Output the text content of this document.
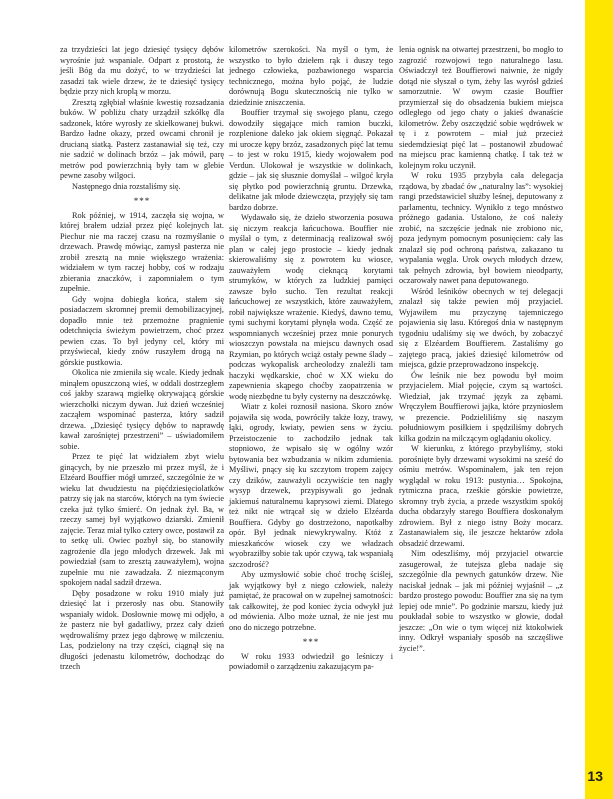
za trzydzieści lat jego dziesięć tysięcy dębów wyrośnie już wspaniale. Odpart z prostotą, że jeśli Bóg da mu dożyć, to w trzydzieści lat zasadzi tak wiele drzew, że te dziesięć tysięcy będzie przy nich kroplą w morzu.

Zresztą zgłębiał właśnie kwestię rozsadzania buków. W pobliżu chaty urządził szkółkę dla sadzonek, które wyrosły ze skiełkowanej bukwi. Bardzo ładne okazy, przed owcami chronił je drucianą siatką. Pasterz zastanawiał się też, czy nie sadzić w dolinach brzóz – jak mówił, parę metrów pod powierzchnią były tam w glebie pewne zasoby wilgoci.

Następnego dnia rozstaliśmy się.

***

Rok później, w 1914, zaczęła się wojna, w której brałem udział przez pięć kolejnych lat. Piechur nie ma raczej czasu na rozmyślanie o drzewach. Prawdę mówiąc, zamysł pasterza nie zrobił zresztą na mnie większego wrażenia: widziałem w tym raczej hobby, coś w rodzaju zbierania znaczków, i zapomniałem o tym zupełnie.

Gdy wojna dobiegła końca, stałem się posiadaczem skromnej premii demobilizacyjnej, dopadło mnie też przemożne pragnienie odetchnięcia świeżym powietrzem, choć przez pewien czas. To był jedyny cel, który mi przyświecał, kiedy znów ruszyłem drogą na górskie pustkowia.

Okolica nie zmieniła się wcale. Kiedy jednak minąłem opuszczoną wieś, w oddali dostrzegłem coś jakby szarawą mgiełkę okrywającą górskie wierzchołki niczym dywan. Już dzień wcześniej zacząłem wspominać pasterza, który sadził drzewa. „Dziesięć tysięcy dębów to naprawdę kawał zarośniętej przestrzeni” – uświadomiłem sobie.

Przez te pięć lat widziałem zbyt wielu ginących, by nie przeszło mi przez myśl, że i Elzéard Bouffier mógł umrzeć, szczególnie że w wieku lat dwudziestu na pięćdziesięciolatków patrzy się jak na starców, których na tym świecie czeka już tylko śmierć. On jednak żył. Ba, w rzeczy samej był wyjątkowo dziarski. Zmienił zajęcie. Teraz miał tylko cztery owce, postawił za to setkę uli. Owiec pozbył się, bo stanowiły zagrożenie dla jego młodych drzewek. Jak mi powiedział (sam to zresztą zauważyłem), wojna zupełnie mu nie zawadzała. Z niezmąconym spokojem nadal sadził drzewa.

Dęby posadzone w roku 1910 miały już dziesięć lat i przerosły nas obu. Stanowiły wspaniały widok. Dosłownie mowę mi odjęło, a że pasterz nie był gadatliwy, przez cały dzień wędrowaliśmy przez jego dąbrowę w milczeniu. Las, podzielony na trzy części, ciągnął się na długości jedenastu kilometrów, dochodząc do trzech

kilometrów szerokości. Na myśl o tym, że wszystko to było dziełem rąk i duszy tego jednego człowieka, pozbawionego wsparcia technicznego, można było pojąć, że ludzie dorównują Bogu skutecznością nie tylko w dziedzinie zniszczenia.

Bouffier trzymał się swojego planu, czego dowodziły sięgające mich ramion buczki, rozplenione daleko jak okiem sięgnąć. Pokazał mi urocze kępy brzóz, zasadzonych pięć lat temu – to jest w roku 1915, kiedy wojowałem pod Verdun. Ulokował je wszystkie w dolinkach, gdzie – jak się słusznie domyślał – wilgoć kryła się płytko pod powierzchnią gruntu. Drzewka, delikatne jak młode dziewczęta, przyjęły się tam bardzo dobrze.

Wydawało się, że dzieło stworzenia posuwa się niczym reakcja łańcuchowa. Bouffier nie myślał o tym, z determinacją realizował swój plan w całej jego prostocie – kiedy jednak skierowaliśmy się z powrotem ku wiosce, zauważyłem wodę cieknącą korytami strumyków, w których za ludzkiej pamięci zawsze było sucho. Ten rezultat reakcji łańcuchowej ze wszystkich, które zauważyłem, robił największe wrażenie. Kiedyś, dawno temu, tymi suchymi korytami płynęła woda. Część ze wspomnianych wcześniej przez mnie ponurych wioszczyn powstała na miejscu dawnych osad Rzymian, po których wciąż ostały pewne ślady – podczas wykopalisk archeolodzy znaleźli tam haczyki wędkarskie, choć w XX wieku do zapewnienia skąpego choćby zaopatrzenia w wodę niezbędne tu były cysterny na deszczówkę.

Wiatr z kolei roznosił nasiona. Skoro znów pojawiła się woda, powróciły także łozy, trawy, łąki, ogrody, kwiaty, pewien sens w życiu. Przeistoczenie to zachodziło jednak tak stopniowo, że wpisało się w ogólny wzór bytowania bez wzbudzania w nikim zdumienia. Myśliwi, pnący się ku szczytom tropem zajęcy czy dzików, zauważyli oczywiście ten nagły wysyp drzewek, przypisywali go jednak jakiemuś naturalnemu kaprysowi ziemi. Dlatego też nikt nie wtrącał się w dzieło Elzéarda Bouffiera. Gdyby go dostrzeżono, napotkałby opór. Był jednak niewykrywalny. Któż z mieszkańców wiosek czy we władzach wyobraziłby sobie tak upór czywą, tak wspaniałą szczodrość?

Aby uzmysłowić sobie choć trochę ściślej, jak wyjątkowy był z niego człowiek, należy pamiętać, że pracował on w zupełnej samotności: tak całkowitej, że pod koniec życia odwykł już od mówienia. Albo może uznał, że nie jest mu ono do niczego potrzebne.

***

W roku 1933 odwiedził go leśniczy i powiadomił o zarządzeniu zakazującym pa-

lenia ognisk na otwartej przestrzeni, bo mogło to zagrozić rozwojowi tego naturalnego lasu. Oświadczył też Bouffierowi naiwnie, że nigdy dotąd nie słyszał o tym, żeby las wyrósł gdzieś samorzutnie. W owym czasie Bouffier przymierzał się do obsadzenia bukiem miejsca odległego od jego chaty o jakieś dwanaście kilometrów. Żeby oszczędzić sobie wędrówek w tę i z powrotem – miał już przecież siedemdziesiąt pięć lat – postanowił zbudować na miejscu prac kamienną chatkę. I tak też w kolejnym roku uczynił.

W roku 1935 przybyła cała delegacja rządowa, by zbadać ów „naturalny las”: wysokiej rangi przedstawiciel służby leśnej, deputowany z parlamentu, technicy. Wynikło z tego mnóstwo próżnego gadania. Ustalono, że coś należy zrobić, na szczęście jednak nie zrobiono nic, poza jedynym pomocnym posunięciem: cały las znalazł się pod ochroną państwa, zakazano tu wypalania węgla. Urok owych młodych drzew, tak pełnych zdrowia, był bowiem nieodparty, oczarowały nawet pana deputowanego.

Wśród leśników obecnych w tej delegacji znalazł się także pewien mój przyjaciel. Wyjawiłem mu przyczynę tajemniczego pojawienia się lasu. Któregoś dnia w następnym tygodniu udaliśmy się we dwóch, by zobaczyć się z Elzéardem Bouffierem. Zastaliśmy go zajętego pracą, jakieś dziesięć kilometrów od miejsca, gdzie przeprowadzono inspekcję.

Ów leśnik nie bez powodu był moim przyjacielem. Miał pojęcie, czym są wartości. Wiedział, jak trzymać język za zębami. Wręczyłem Bouffierowi jajka, które przyniosłem w prezencie. Podzieliliśmy się naszym południowym posiłkiem i spędziliśmy dobrych kilka godzin na milczącym oglądaniu okolicy.

W kierunku, z którego przybyliśmy, stoki porośnięte były drzewami wysokimi na sześć do ośmiu metrów. Wspominałem, jak ten rejon wyglądał w roku 1913: pustynia… Spokojna, rytmiczna praca, rześkie górskie powietrze, skromny tryb życia, a przede wszystkim spokój ducha obdarzyły starego Bouffiera doskonałym zdrowiem. Był z niego istny Boży mocarz. Zastanawiałem się, ile jeszcze hektarów zdoła obsadzić drzewami.

Nim odeszliśmy, mój przyjaciel otwarcie zasugerował, że tutejsza gleba nadaje się szczególnie dla pewnych gatunków drzew. Nie naciskał jednak – jak mi później wyjaśnił – „z bardzo prostego powodu: Bouffier zna się na tym lepiej ode mnie”. Po godzinie marszu, kiedy już poukładał sobie to wszystko w głowie, dodał jeszcze: „On wie o tym więcej niż ktokolwiek inny. Odkrył wspaniały sposób na szczęśliwe życie!”.

13
